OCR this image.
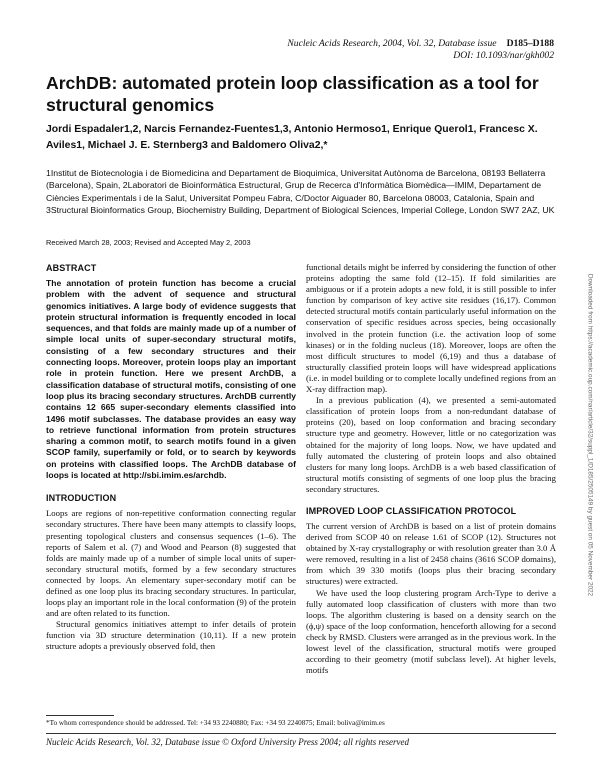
Nucleic Acids Research, 2004, Vol. 32, Database issue D185–D188
DOI: 10.1093/nar/gkh002
ArchDB: automated protein loop classification as a tool for structural genomics
Jordi Espadaler1,2, Narcis Fernandez-Fuentes1,3, Antonio Hermoso1, Enrique Querol1, Francesc X. Aviles1, Michael J. E. Sternberg3 and Baldomero Oliva2,*
1Institut de Biotecnologia i de Biomedicina and Departament de Bioquimica, Universitat Autònoma de Barcelona, 08193 Bellaterra (Barcelona), Spain, 2Laboratori de Bioinformàtica Estructural, Grup de Recerca d'Informàtica Biomèdica—IMIM, Departament de Ciències Experimentals i de la Salut, Universitat Pompeu Fabra, C/Doctor Aiguader 80, Barcelona 08003, Catalonia, Spain and 3Structural Bioinformatics Group, Biochemistry Building, Department of Biological Sciences, Imperial College, London SW7 2AZ, UK
Received March 28, 2003; Revised and Accepted May 2, 2003
ABSTRACT

The annotation of protein function has become a crucial problem with the advent of sequence and structural genomics initiatives. A large body of evidence suggests that protein structural information is frequently encoded in local sequences, and that folds are mainly made up of a number of simple local units of super-secondary structural motifs, consisting of a few secondary structures and their connecting loops. Moreover, protein loops play an important role in protein function. Here we present ArchDB, a classification database of structural motifs, consisting of one loop plus its bracing secondary structures. ArchDB currently contains 12 665 super-secondary elements classified into 1496 motif subclasses. The database provides an easy way to retrieve functional information from protein structures sharing a common motif, to search motifs found in a given SCOP family, superfamily or fold, or to search by keywords on proteins with classified loops. The ArchDB database of loops is located at http://sbi.imim.es/archdb.

INTRODUCTION

Loops are regions of non-repetitive conformation connecting regular secondary structures. There have been many attempts to classify loops, presenting topological clusters and consensus sequences (1–6). The reports of Salem et al. (7) and Wood and Pearson (8) suggested that folds are mainly made up of a number of simple local units of super-secondary structural motifs, formed by a few secondary structures connected by loops. An elementary super-secondary motif can be defined as one loop plus its bracing secondary structures. In particular, loops play an important role in the local conformation (9) of the protein and are often related to its function.

Structural genomics initiatives attempt to infer details of protein function via 3D structure determination (10,11). If a new protein structure adopts a previously observed fold, then

functional details might be inferred by considering the function of other proteins adopting the same fold (12–15). If fold similarities are ambiguous or if a protein adopts a new fold, it is still possible to infer function by comparison of key active site residues (16,17). Common detected structural motifs contain particularly useful information on the conservation of specific residues across species, being occasionally involved in the protein function (i.e. the activation loop of some kinases) or in the folding nucleus (18). Moreover, loops are often the most difficult structures to model (6,19) and thus a database of structurally classified protein loops will have widespread applications (i.e. in model building or to complete locally undefined regions from an X-ray diffraction map).

In a previous publication (4), we presented a semi-automated classification of protein loops from a non-redundant database of proteins (20), based on loop conformation and bracing secondary structure type and geometry. However, little or no categorization was obtained for the majority of long loops. Now, we have updated and fully automated the clustering of protein loops and also obtained clusters for many long loops. ArchDB is a web based classification of structural motifs consisting of segments of one loop plus the bracing secondary structures.

IMPROVED LOOP CLASSIFICATION PROTOCOL

The current version of ArchDB is based on a list of protein domains derived from SCOP 40 on release 1.61 of SCOP (12). Structures not obtained by X-ray crystallography or with resolution greater than 3.0 Å were removed, resulting in a list of 2458 chains (3616 SCOP domains), from which 39 330 motifs (loops plus their bracing secondary structures) were extracted.

We have used the loop clustering program Arch-Type to derive a fully automated loop classification of clusters with more than two loops. The algorithm clustering is based on a density search on the (ϕ,ψ) space of the loop conformation, henceforth allowing for a second check by RMSD. Clusters were arranged as in the previous work. In the lowest level of the classification, structural motifs were grouped according to their geometry (motif subclass level). At higher levels, motifs

*To whom correspondence should be addressed. Tel: +34 93 2240880; Fax: +34 93 2240875; Email: boliva@imim.es
Nucleic Acids Research, Vol. 32, Database issue © Oxford University Press 2004; all rights reserved
Downloaded from https://academic.oup.com/nar/article/32/suppl_1/D185/2505149 by guest on 05 November 2022
